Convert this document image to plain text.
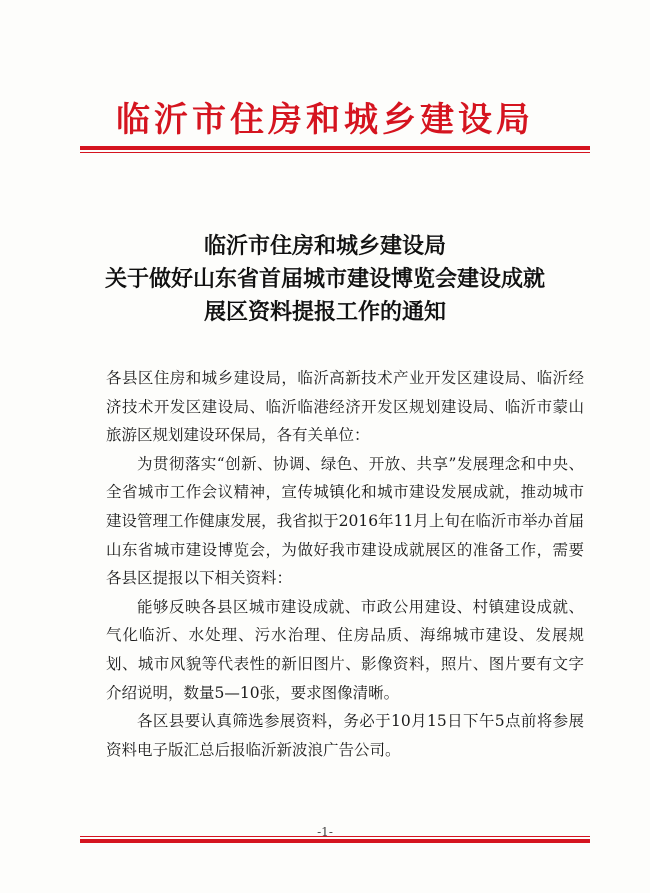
临沂市住房和城乡建设局
临沂市住房和城乡建设局
关于做好山东省首届城市建设博览会建设成就
展区资料提报工作的通知

各县区住房和城乡建设局，临沂高新技术产业开发区建设局、临沂经济技术开发区建设局、临沂临港经济开发区规划建设局、临沂市蒙山旅游区规划建设环保局，各有关单位：

为贯彻落实“创新、协调、绿色、开放、共享”发展理念和中央、全省城市工作会议精神，宣传城镇化和城市建设发展成就，推动城市建设管理工作健康发展，我省拟于2016年11月上旬在临沂市举办首届山东省城市建设博览会，为做好我市建设成就展区的准备工作，需要各县区提报以下相关资料：

能够反映各县区城市建设成就、市政公用建设、村镇建设成就、气化临沂、水处理、污水治理、住房品质、海绵城市建设、发展规划、城市风貌等代表性的新旧图片、影像资料，照片、图片要有文字介绍说明，数量5—10张，要求图像清晰。

各区县要认真筛选参展资料，务必于10月15日下午5点前将参展资料电子版汇总后报临沂新波浪广告公司。

-1-
